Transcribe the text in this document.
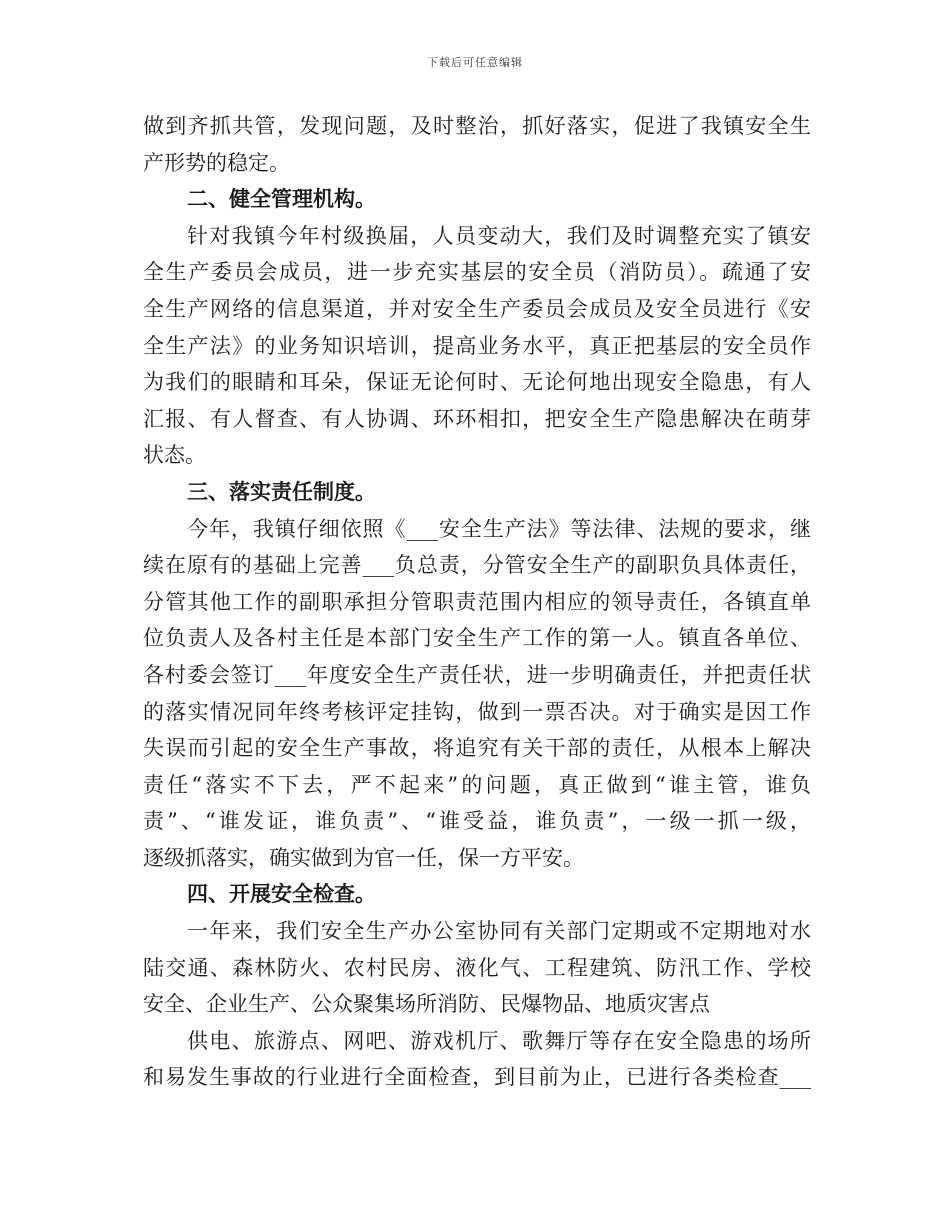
下载后可任意编辑
做到齐抓共管，发现问题，及时整治，抓好落实，促进了我镇安全生
产形势的稳定。
二、健全管理机构。
针对我镇今年村级换届，人员变动大，我们及时调整充实了镇安
全生产委员会成员，进一步充实基层的安全员（消防员）。疏通了安
全生产网络的信息渠道，并对安全生产委员会成员及安全员进行《安
全生产法》的业务知识培训，提高业务水平，真正把基层的安全员作
为我们的眼睛和耳朵，保证无论何时、无论何地出现安全隐患，有人
汇报、有人督查、有人协调、环环相扣，把安全生产隐患解决在萌芽
状态。
三、落实责任制度。
今年，我镇仔细依照《___安全生产法》等法律、法规的要求，继
续在原有的基础上完善___负总责，分管安全生产的副职负具体责任，
分管其他工作的副职承担分管职责范围内相应的领导责任，各镇直单
位负责人及各村主任是本部门安全生产工作的第一人。镇直各单位、
各村委会签订___年度安全生产责任状，进一步明确责任，并把责任状
的落实情况同年终考核评定挂钩，做到一票否决。对于确实是因工作
失误而引起的安全生产事故，将追究有关干部的责任，从根本上解决
责任“落实不下去，严不起来”的问题，真正做到“谁主管，谁负
责”、“谁发证，谁负责”、“谁受益，谁负责”，一级一抓一级，
逐级抓落实，确实做到为官一任，保一方平安。
四、开展安全检查。
一年来，我们安全生产办公室协同有关部门定期或不定期地对水
陆交通、森林防火、农村民房、液化气、工程建筑、防汛工作、学校
安全、企业生产、公众聚集场所消防、民爆物品、地质灾害点
供电、旅游点、网吧、游戏机厅、歌舞厅等存在安全隐患的场所
和易发生事故的行业进行全面检查，到目前为止，已进行各类检查___
